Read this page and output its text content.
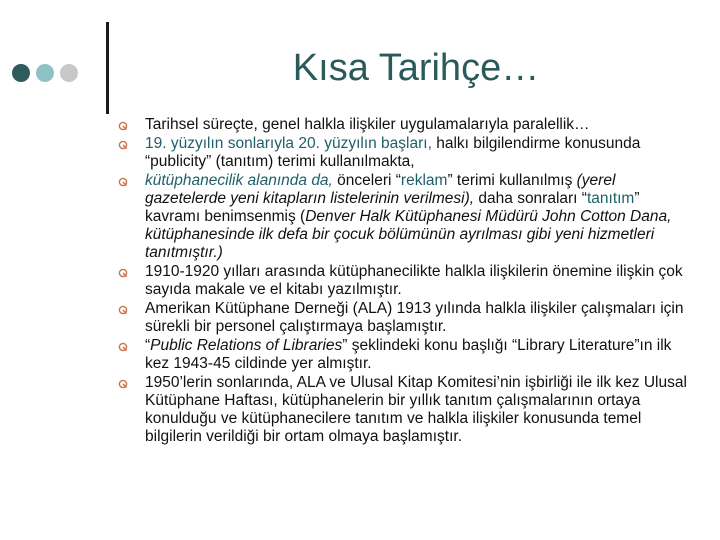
Kısa Tarihçe…
Tarihsel süreçte, genel halkla ilişkiler uygulamalarıyla paralellik…
19. yüzyılın sonlarıyla 20. yüzyılın başları, halkı bilgilendirme konusunda “publicity” (tanıtım) terimi kullanılmakta,
kütüphanecilik alanında da, önceleri “reklam” terimi kullanılmış (yerel gazetelerde yeni kitapların listelerinin verilmesi), daha sonraları “tanıtım” kavramı benimsenmiş (Denver Halk Kütüphanesi Müdürü John Cotton Dana, kütüphanesinde ilk defa bir çocuk bölümünün ayrılması gibi yeni hizmetleri tanıtmıştır.)
1910-1920 yılları arasında kütüphanecilikte halkla ilişkilerin önemine ilişkin çok sayıda makale ve el kitabı yazılmıştır.
Amerikan Kütüphane Derneği (ALA) 1913 yılında halkla ilişkiler çalışmaları için sürekli bir personel çalıştırmaya başlamıştır.
“Public Relations of Libraries” şeklindeki konu başlığı “Library Literature”ın ilk kez 1943-45 cildinde yer almıştır.
1950’lerin sonlarında, ALA ve Ulusal Kitap Komitesi’nin işbirliği ile ilk kez Ulusal Kütüphane Haftası, kütüphanelerin bir yıllık tanıtım çalışmalarının ortaya konulduğu ve kütüphanecilere tanıtım ve halkla ilişkiler konusunda temel bilgilerin verildiği bir ortam olmaya başlamıştır.
